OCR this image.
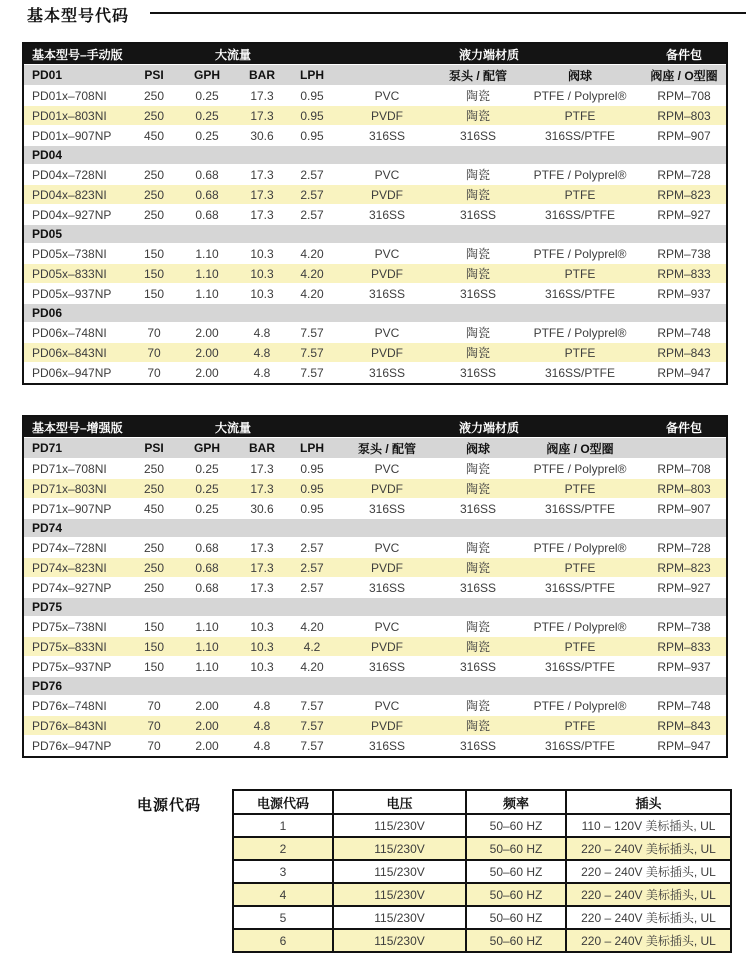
基本型号代码
基本型号–手动版	大流量	液力端材质	备件包
PD01	PSI	GPH	BAR	LPH	泵头 / 配管	阀球	阀座 / O型圈
PD01x–708NI	250	0.25	17.3	0.95	PVC	陶瓷	PTFE / Polyprel®	RPM–708
PD01x–803NI	250	0.25	17.3	0.95	PVDF	陶瓷	PTFE	RPM–803
PD01x–907NP	450	0.25	30.6	0.95	316SS	316SS	316SS/PTFE	RPM–907
PD04
PD04x–728NI	250	0.68	17.3	2.57	PVC	陶瓷	PTFE / Polyprel®	RPM–728
PD04x–823NI	250	0.68	17.3	2.57	PVDF	陶瓷	PTFE	RPM–823
PD04x–927NP	250	0.68	17.3	2.57	316SS	316SS	316SS/PTFE	RPM–927
PD05
PD05x–738NI	150	1.10	10.3	4.20	PVC	陶瓷	PTFE / Polyprel®	RPM–738
PD05x–833NI	150	1.10	10.3	4.20	PVDF	陶瓷	PTFE	RPM–833
PD05x–937NP	150	1.10	10.3	4.20	316SS	316SS	316SS/PTFE	RPM–937
PD06
PD06x–748NI	70	2.00	4.8	7.57	PVC	陶瓷	PTFE / Polyprel®	RPM–748
PD06x–843NI	70	2.00	4.8	7.57	PVDF	陶瓷	PTFE	RPM–843
PD06x–947NP	70	2.00	4.8	7.57	316SS	316SS	316SS/PTFE	RPM–947
基本型号–增强版	大流量	液力端材质	备件包
PD71	PSI	GPH	BAR	LPH	泵头 / 配管	阀球	阀座 / O型圈
PD71x–708NI	250	0.25	17.3	0.95	PVC	陶瓷	PTFE / Polyprel®	RPM–708
PD71x–803NI	250	0.25	17.3	0.95	PVDF	陶瓷	PTFE	RPM–803
PD71x–907NP	450	0.25	30.6	0.95	316SS	316SS	316SS/PTFE	RPM–907
PD74
PD74x–728NI	250	0.68	17.3	2.57	PVC	陶瓷	PTFE / Polyprel®	RPM–728
PD74x–823NI	250	0.68	17.3	2.57	PVDF	陶瓷	PTFE	RPM–823
PD74x–927NP	250	0.68	17.3	2.57	316SS	316SS	316SS/PTFE	RPM–927
PD75
PD75x–738NI	150	1.10	10.3	4.20	PVC	陶瓷	PTFE / Polyprel®	RPM–738
PD75x–833NI	150	1.10	10.3	4.2	PVDF	陶瓷	PTFE	RPM–833
PD75x–937NP	150	1.10	10.3	4.20	316SS	316SS	316SS/PTFE	RPM–937
PD76
PD76x–748NI	70	2.00	4.8	7.57	PVC	陶瓷	PTFE / Polyprel®	RPM–748
PD76x–843NI	70	2.00	4.8	7.57	PVDF	陶瓷	PTFE	RPM–843
PD76x–947NP	70	2.00	4.8	7.57	316SS	316SS	316SS/PTFE	RPM–947
电源代码	电源代码	电压	频率	插头
1	115/230V	50–60 HZ	110 – 120V 美标插头, UL
2	115/230V	50–60 HZ	220 – 240V 美标插头, UL
3	115/230V	50–60 HZ	220 – 240V 美标插头, UL
4	115/230V	50–60 HZ	220 – 240V 美标插头, UL
5	115/230V	50–60 HZ	220 – 240V 美标插头, UL
6	115/230V	50–60 HZ	220 – 240V 美标插头, UL
